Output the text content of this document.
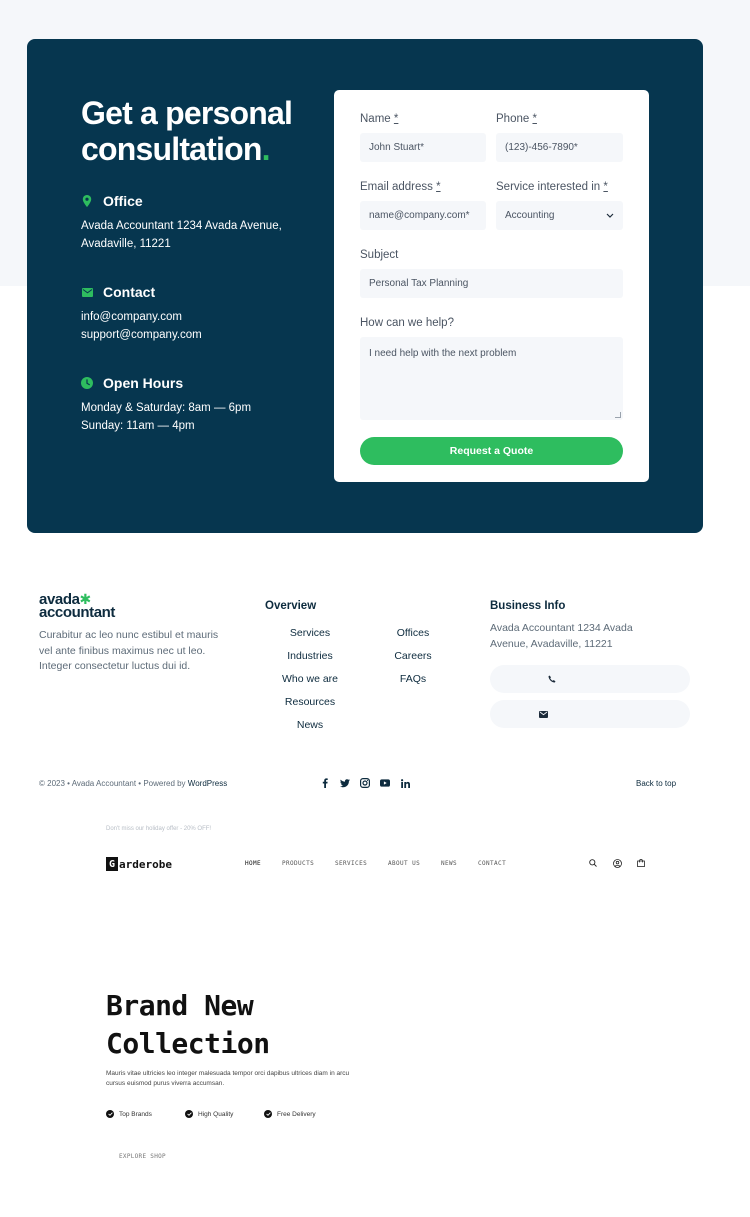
Get a personal consultation.
Office
Avada Accountant 1234 Avada Avenue,
Avadaville, 11221
Contact
info@company.com
support@company.com
Open Hours
Monday & Saturday: 8am — 6pm
Sunday: 11am — 4pm
Name *
John Stuart*
Phone *
(123)-456-7890*
Email address *
name@company.com*
Service interested in *
Accounting
Subject
Personal Tax Planning
How can we help?
I need help with the next problem
Request a Quote
avada✱
accountant

Curabitur ac leo nunc estibul et mauris vel ante finibus maximus nec ut leo. Integer consectetur luctus dui id.

Overview
Services
Industries
Who we are
Resources
News
Offices
Careers
FAQs
Business Info

Avada Accountant 1234 Avada Avenue, Avadaville, 11221

© 2023 • Avada Accountant • Powered by WordPress	Back to top
Don't miss our holiday offer - 20% OFF!
G arderobe	HOME	PRODUCTS	SERVICES	ABOUT US	NEWS	CONTACT
Brand New Collection

Mauris vitae ultricies leo integer malesuada tempor orci dapibus ultrices diam in arcu cursus euismod purus viverra accumsan.

Top Brands	High Quality	Free Delivery
EXPLORE SHOP
